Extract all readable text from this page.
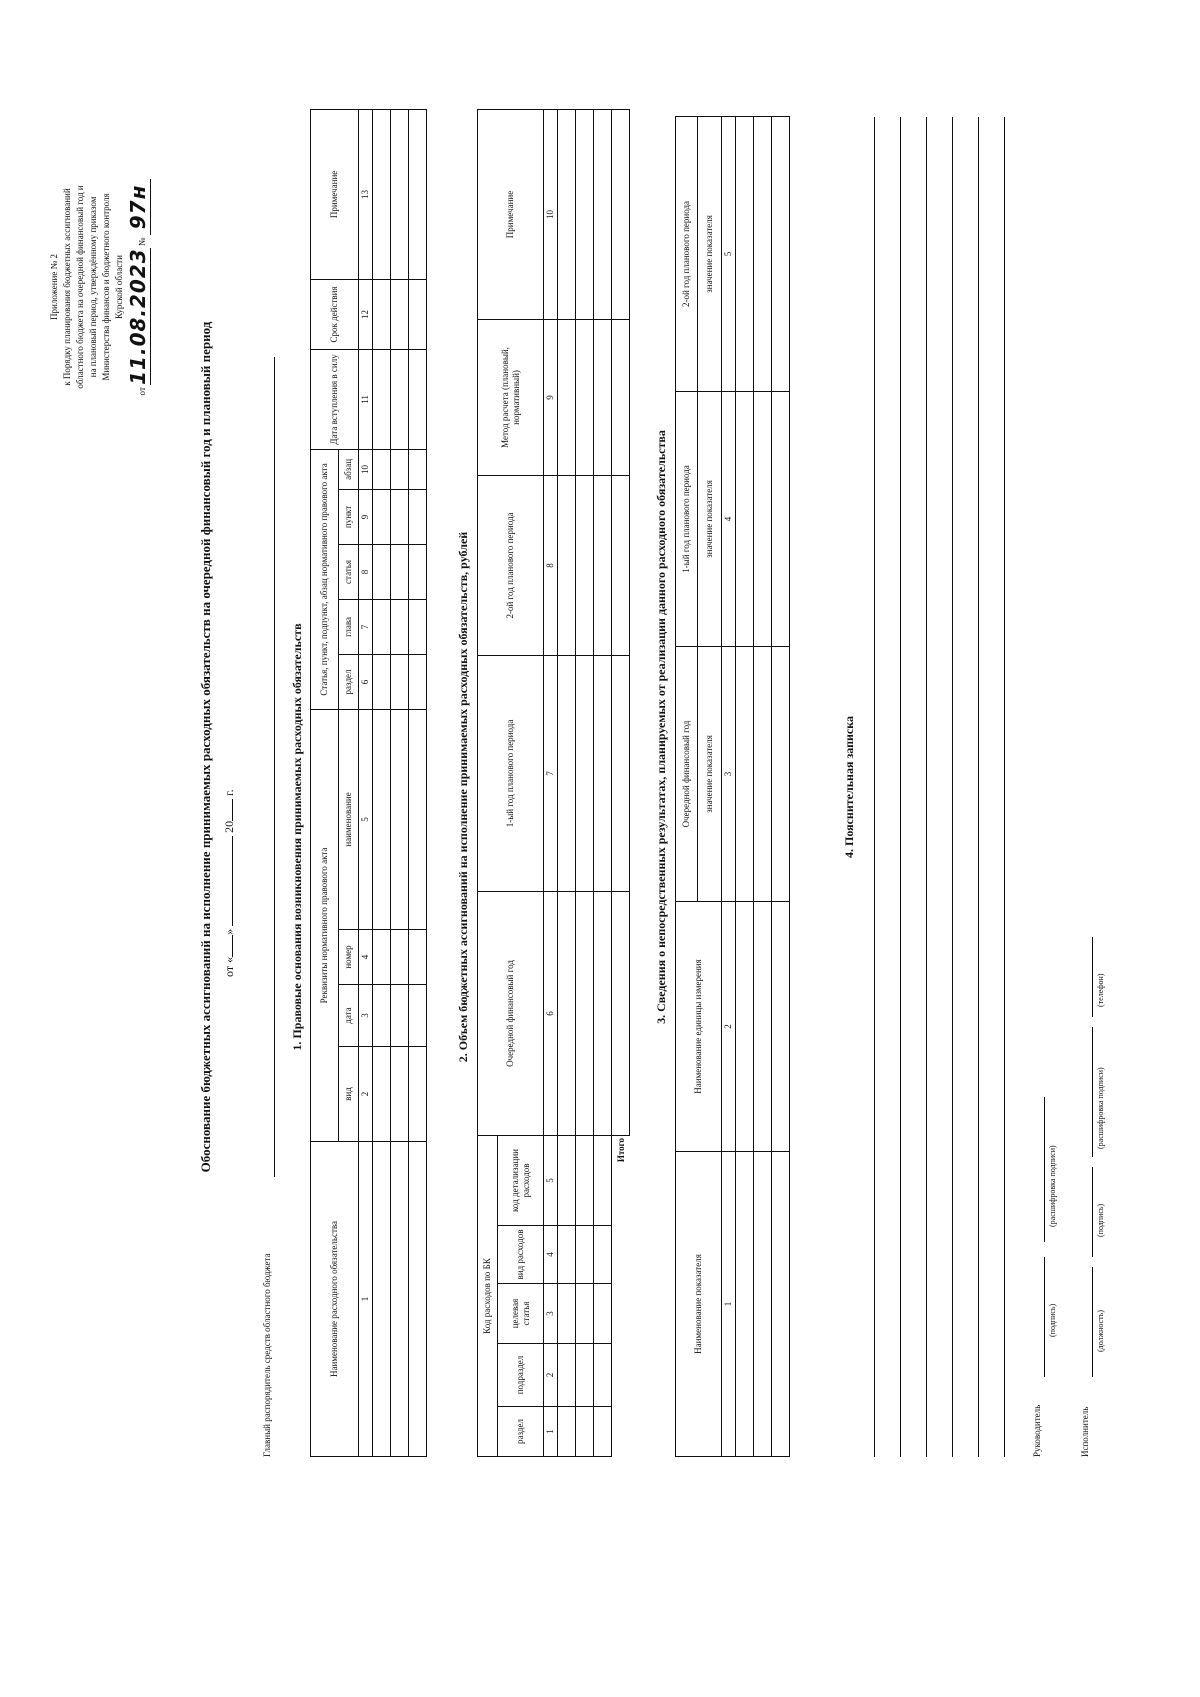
Приложение № 2 к Порядку планирования бюджетных ассигнований областного бюджета на очередной финансовый год и на плановый период, утверждённому приказом Министерства финансов и бюджетного контроля Курской области
от 11.08.2023 № 97н
Обоснование бюджетных ассигнований на исполнение принимаемых расходных обязательств на очередной финансовый год и плановый период от «»  20 г.
Главный распорядитель средств областного бюджета
1. Правовые основания возникновения принимаемых расходных обязательств
Наименование расходного обязательства	Реквизиты нормативного правового акта				Статья, пункт, подпункт, абзац нормативного правового акта					Дата вступления в силу	Срок действия	Примечание
	вид	дата	номер	наименование	раздел	глава	статья	пункт	абзац			
1	2	3	4	5	6	7	8	9	10	11	12	13

2. Объем бюджетных ассигнований на исполнение принимаемых расходных обязательств, рублей
Код расходов по БК					Очередной финансовый год	1-ый год планового периода	2-ой год планового периода	Метод расчета (плановый, нормативный)	Примечание
раздел	подраздел	целевая статья	вид расходов	код детализации расходов					
1	2	3	4	5	6	7	8	9	10

				Итого					
3. Сведения о непосредственных результатах, планируемых от реализации данного расходного обязательства
Наименование показателя	Наименование единицы измерения	Очередной финансовый год	1-ый год планового периода	2-ой год планового периода
		значение показателя	значение показателя	значение показателя
1	2	3	4	5

4. Пояснительная записка
Руководитель
(подпись)
(расшифровка подписи)
Исполнитель
(должность)
(подпись)
(расшифровка подписи)
(телефон)
